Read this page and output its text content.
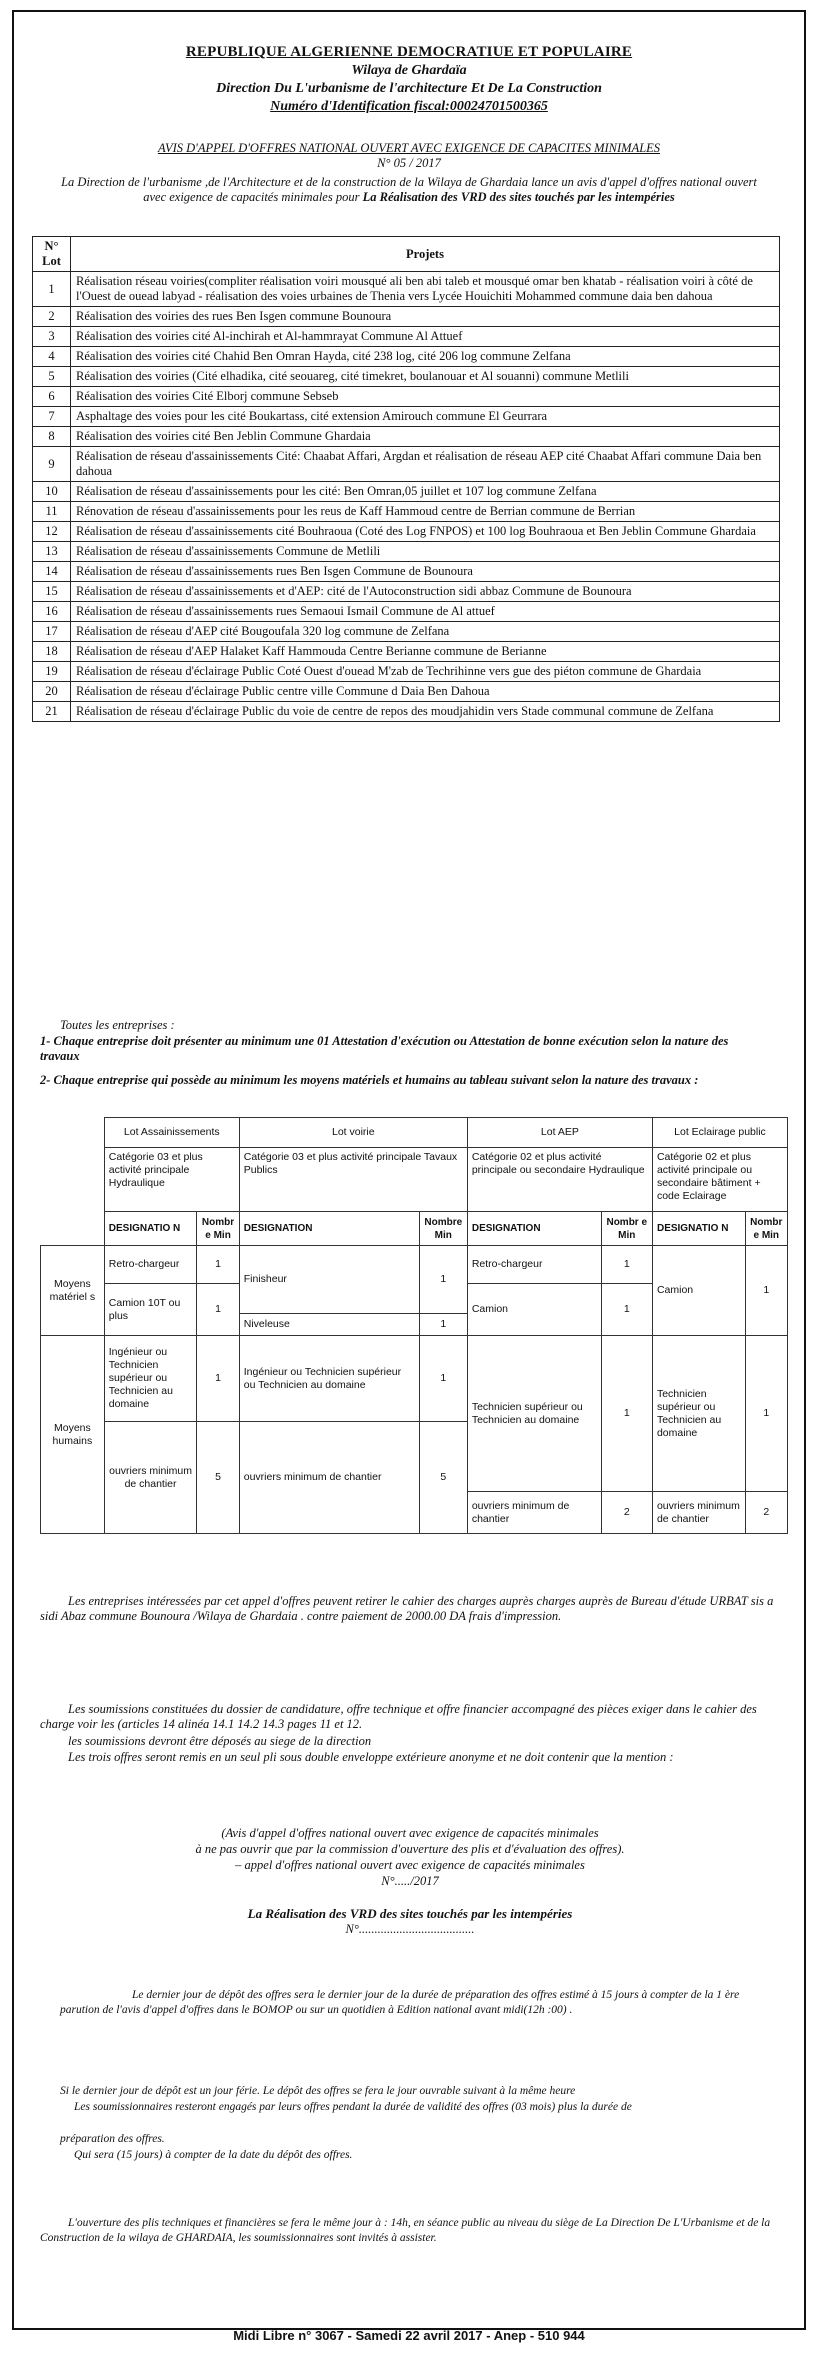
REPUBLIQUE ALGERIENNE DEMOCRATIUE ET POPULAIRE
Wilaya de Ghardaïa
Direction Du L'urbanisme de l'architecture Et De La Construction
Numéro d'Identification fiscal:00024701500365
AVIS D'APPEL D'OFFRES NATIONAL OUVERT AVEC EXIGENCE DE CAPACITES MINIMALES
N° 05 / 2017
La Direction de l'urbanisme ,de l'Architecture et de la construction de la Wilaya de Ghardaia lance un avis d'appel d'offres national ouvert avec exigence de capacités minimales pour La Réalisation des VRD des sites touchés par les intempéries
N° Lot	Projets
1	Réalisation réseau voiries(compliter réalisation voiri mousqué ali ben abi taleb et mousqué omar ben khatab - réalisation voiri à côté de l'Ouest de ouead labyad - réalisation des voies urbaines de Thenia vers Lycée Houichiti Mohammed commune daia ben dahoua
2	Réalisation des voiries des rues Ben Isgen commune Bounoura
3	Réalisation des voiries cité Al-inchirah et Al-hammrayat Commune Al Attuef
4	Réalisation des voiries cité Chahid Ben Omran Hayda, cité 238 log, cité 206 log commune Zelfana
5	Réalisation des voiries (Cité elhadika, cité seouareg, cité timekret, boulanouar et Al souanni) commune Metlili
6	Réalisation des voiries Cité Elborj commune Sebseb
7	Asphaltage des voies pour les cité Boukartass, cité extension Amirouch commune El Geurrara
8	Réalisation des voiries cité Ben Jeblin Commune Ghardaia
9	Réalisation de réseau d'assainissements Cité: Chaabat Affari, Argdan et réalisation de réseau AEP cité Chaabat Affari commune Daia ben dahoua
10	Réalisation de réseau d'assainissements pour les cité: Ben Omran,05 juillet et 107 log commune Zelfana
11	Rénovation de réseau d'assainissements pour les reus de Kaff Hammoud centre de Berrian commune de Berrian
12	Réalisation de réseau d'assainissements cité Bouhraoua (Coté des Log FNPOS) et 100 log Bouhraoua et Ben Jeblin Commune Ghardaia
13	Réalisation de réseau d'assainissements Commune de Metlili
14	Réalisation de réseau d'assainissements rues Ben Isgen Commune de Bounoura
15	Réalisation de réseau d'assainissements et d'AEP: cité de l'Autoconstruction sidi abbaz Commune de Bounoura
16	Réalisation de réseau d'assainissements rues Semaoui Ismail Commune de Al attuef
17	Réalisation de réseau d'AEP cité Bougoufala 320 log commune de Zelfana
18	Réalisation de réseau d'AEP Halaket Kaff Hammouda Centre Berianne commune de Berianne
19	Réalisation de réseau d'éclairage Public Coté Ouest d'ouead M'zab de Techrihinne vers gue des piéton commune de Ghardaia
20	Réalisation de réseau d'éclairage Public centre ville Commune d Daia Ben Dahoua
21	Réalisation de réseau d'éclairage Public du voie de centre de repos des moudjahidin vers Stade communal commune de Zelfana
Toutes les entreprises :
1- Chaque entreprise doit présenter au minimum une 01 Attestation d'exécution ou Attestation de bonne exécution selon la nature des travaux
2- Chaque entreprise qui possède au minimum les moyens matériels et humains au tableau suivant selon la nature des travaux :
	Lot Assainissements		Lot voirie		Lot AEP		Lot Eclairage public	
	Catégorie 03 et plus activité principale Hydraulique		Catégorie 03 et plus activité principale Tavaux Publics		Catégorie 02 et plus activité principale ou secondaire Hydraulique		Catégorie 02 et plus activité principale ou secondaire bâtiment + code Eclairage	
	DESIGNATIO N	Nombr e Min	DESIGNATION	Nombre Min	DESIGNATION	Nombr e Min	DESIGNATIO N	Nombr e Min
Moyens matériel s	Retro-chargeur	1	Finisheur	1	Retro-chargeur	1	Camion	1
	Camion 10T ou plus	1			Camion	1		
			Niveleuse	1				
Moyens humains	Ingénieur ou Technicien supérieur ou Technicien au domaine	1	Ingénieur ou Technicien supérieur ou Technicien au domaine	1	Technicien supérieur ou Technicien au domaine	1	Technicien supérieur ou Technicien au domaine	1
	ouvriers minimum de chantier	5	ouvriers minimum de chantier	5				
					ouvriers minimum de chantier	2	ouvriers minimum de chantier	2
Les entreprises intéressées par cet appel d'offres peuvent retirer le cahier des charges auprès charges auprès de Bureau d'étude URBAT sis a sidi Abaz commune Bounoura /Wilaya de Ghardaia . contre paiement de 2000.00 DA frais d'impression.
Les soumissions constituées du dossier de candidature, offre technique et offre financier accompagné des pièces exiger dans le cahier des charge voir les (articles 14 alinéa 14.1 14.2 14.3 pages 11 et 12.
les soumissions devront être déposés au siege de la direction
Les trois offres seront remis en un seul pli sous double enveloppe extérieure anonyme et ne doit contenir que la mention :
(Avis d'appel d'offres national ouvert avec exigence de capacités minimales
à ne pas ouvrir que par la commission d'ouverture des plis et d'évaluation des offres).
– appel d'offres national ouvert avec exigence de capacités minimales
N°...../2017
La Réalisation des VRD des sites touchés par les intempéries
N°.....................................
Le dernier jour de dépôt des offres sera le dernier jour de la durée de préparation des offres estimé à 15 jours à compter de la 1 ère parution de l'avis d'appel d'offres dans le BOMOP ou sur un quotidien à Edition national avant midi(12h :00) .
Si le dernier jour de dépôt est un jour férie. Le dépôt des offres se fera le jour ouvrable suivant à la même heure
Les soumissionnaires resteront engagés par leurs offres pendant la durée de validité des offres (03 mois) plus la durée de
préparation des offres.
Qui sera (15 jours) à compter de la date du dépôt des offres.
L'ouverture des plis techniques et financières se fera le même jour à : 14h, en séance public au niveau du siège de La Direction De L'Urbanisme et de la Construction de la wilaya de GHARDAIA, les soumissionnaires sont invités à assister.
Midi Libre n° 3067 - Samedi 22 avril 2017 - Anep - 510 944
